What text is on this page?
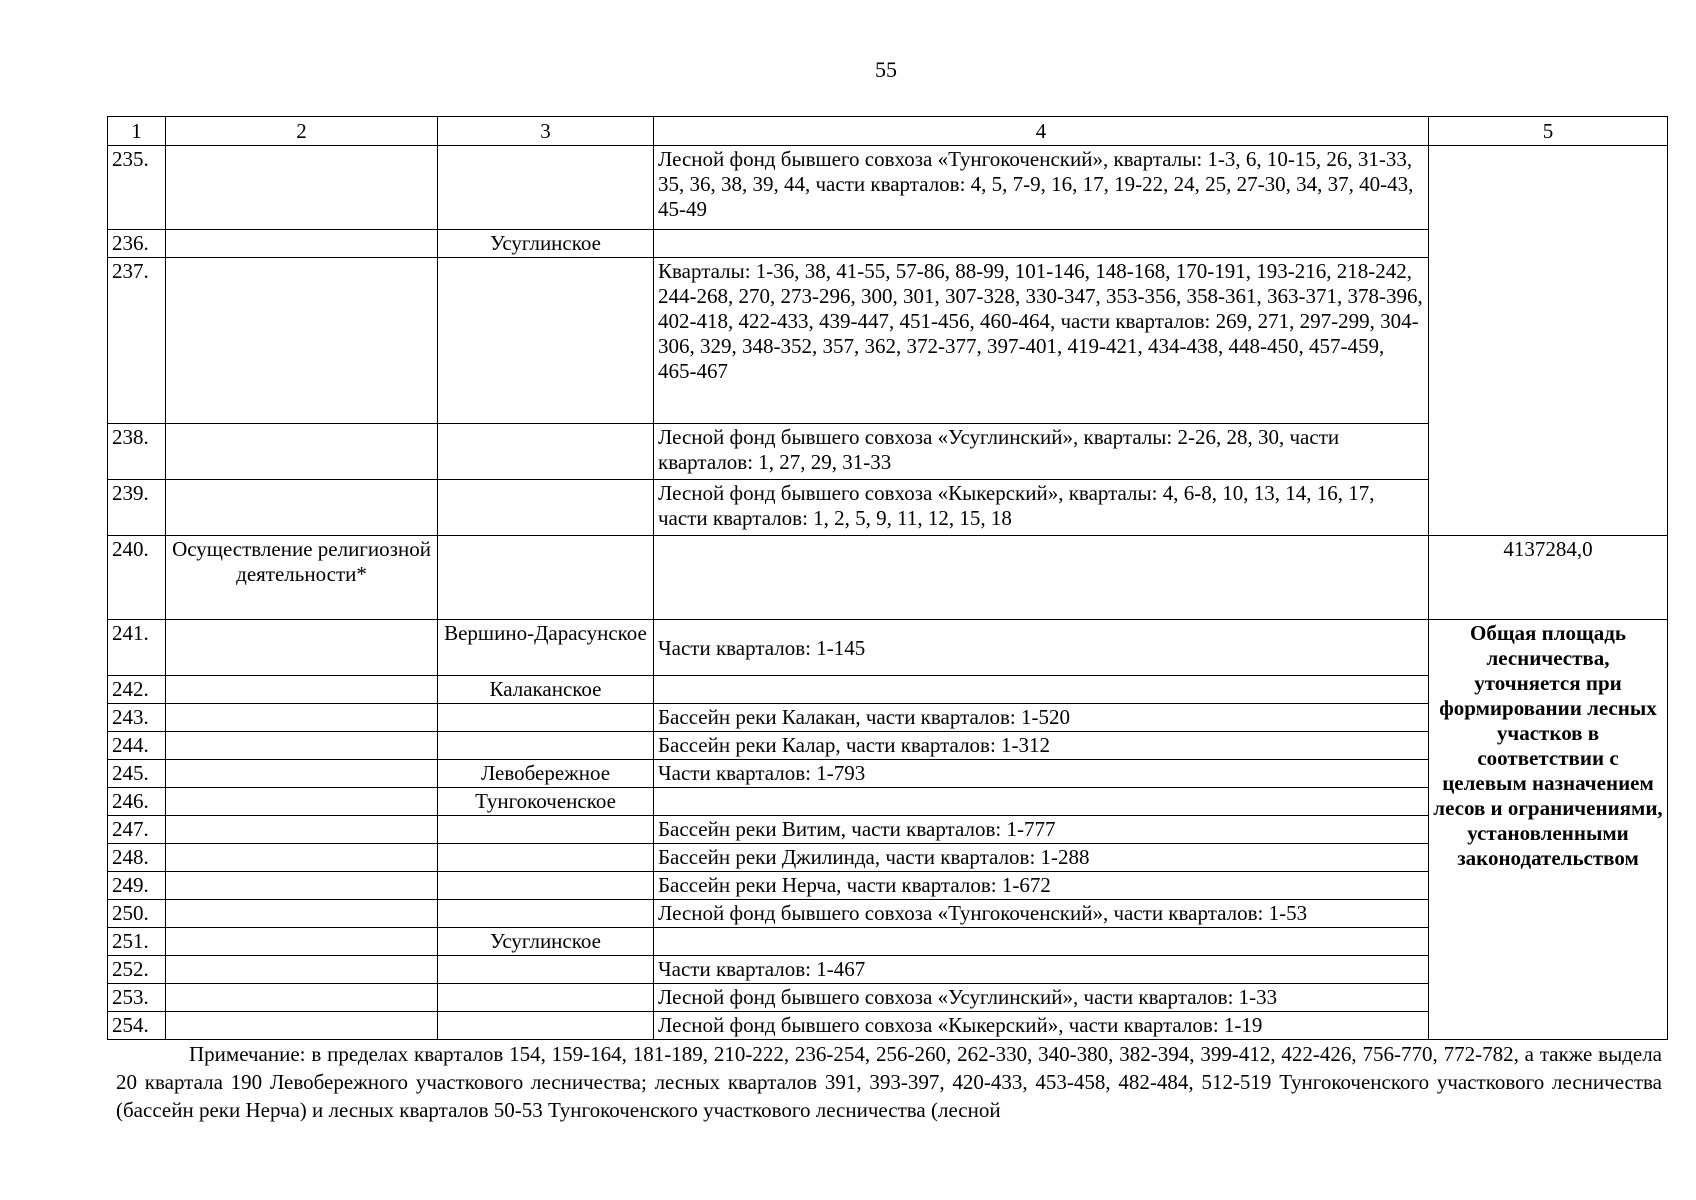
55
1	2	3	4	5
235.			Лесной фонд бывшего совхоза «Тунгокоченский», кварталы: 1-3, 6, 10-15, 26, 31-33, 35, 36, 38, 39, 44, части кварталов: 4, 5, 7-9, 16, 17, 19-22, 24, 25, 27-30, 34, 37, 40-43, 45-49	
236.		Усуглинское		
237.			Кварталы: 1-36, 38, 41-55, 57-86, 88-99, 101-146, 148-168, 170-191, 193-216, 218-242, 244-268, 270, 273-296, 300, 301, 307-328, 330-347, 353-356, 358-361, 363-371, 378-396, 402-418, 422-433, 439-447, 451-456, 460-464, части кварталов: 269, 271, 297-299, 304-306, 329, 348-352, 357, 362, 372-377, 397-401, 419-421, 434-438, 448-450, 457-459, 465-467	
238.			Лесной фонд бывшего совхоза «Усуглинский», кварталы: 2-26, 28, 30, части кварталов: 1, 27, 29, 31-33	
239.			Лесной фонд бывшего совхоза «Кыкерский», кварталы: 4, 6-8, 10, 13, 14, 16, 17, части кварталов: 1, 2, 5, 9, 11, 12, 15, 18	
240.	Осуществление религиозной деятельности*			4137284,0
241.		Вершино-Дарасунское	Части кварталов: 1-145	Общая площадь лесничества, уточняется при формировании лесных участков в соответствии с целевым назначением лесов и ограничениями, установленными законодательством
242.		Калаканское		
243.			Бассейн реки Калакан, части кварталов: 1-520	
244.			Бассейн реки Калар, части кварталов: 1-312	
245.		Левобережное	Части кварталов: 1-793	
246.		Тунгокоченское		
247.			Бассейн реки Витим, части кварталов: 1-777	
248.			Бассейн реки Джилинда, части кварталов: 1-288	
249.			Бассейн реки Нерча, части кварталов: 1-672	
250.			Лесной фонд бывшего совхоза «Тунгокоченский», части кварталов: 1-53	
251.		Усуглинское		
252.			Части кварталов: 1-467	
253.			Лесной фонд бывшего совхоза «Усуглинский», части кварталов: 1-33	
254.			Лесной фонд бывшего совхоза «Кыкерский», части кварталов: 1-19	
Примечание: в пределах кварталов 154, 159-164, 181-189, 210-222, 236-254, 256-260, 262-330, 340-380, 382-394, 399-412, 422-426, 756-770, 772-782, а также выдела 20 квартала 190 Левобережного участкового лесничества; лесных кварталов 391, 393-397, 420-433, 453-458, 482-484, 512-519 Тунгокоченского участкового лесничества (бассейн реки Нерча) и лесных кварталов 50-53 Тунгокоченского участкового лесничества (лесной
